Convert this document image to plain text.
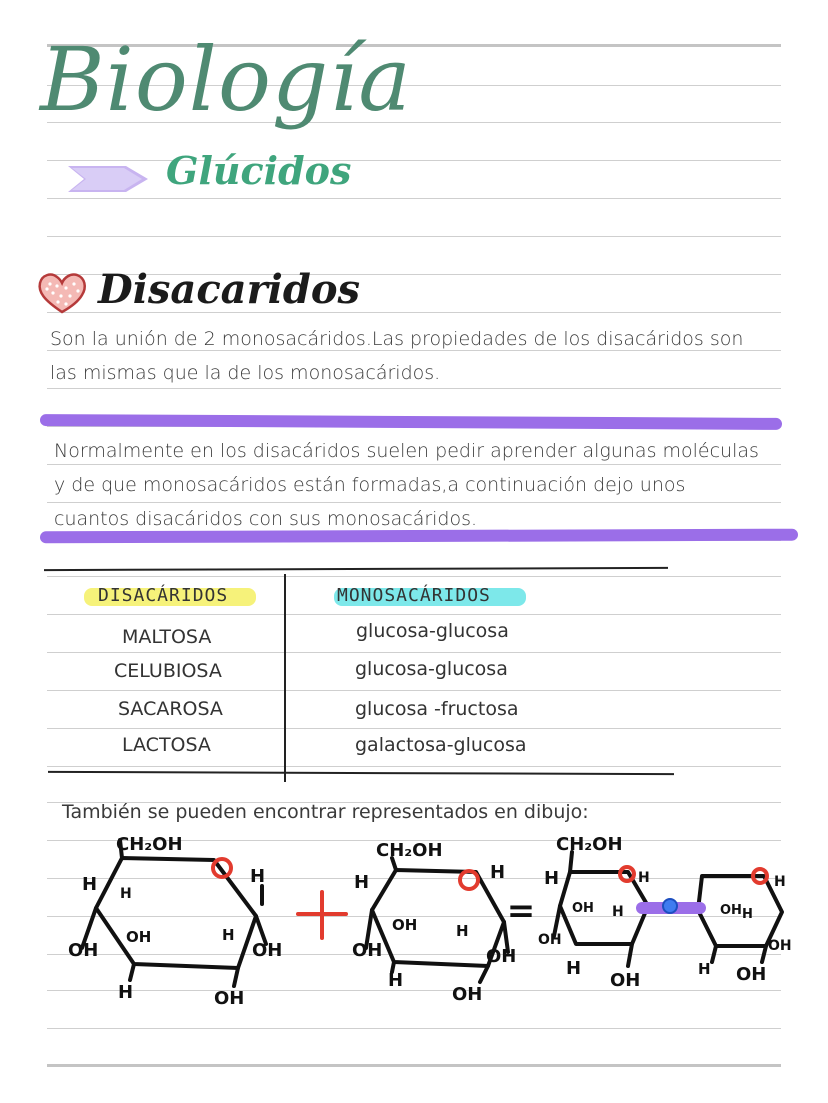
Biología
Glúcidos
Disacaridos

Son la unión de 2 monosacáridos.Las propiedades de los disacáridos son
las mismas que la de los monosacáridos.

Normalmente en los disacáridos suelen pedir aprender algunas moléculas
y de que monosacáridos están formadas,a continuación dejo unos
cuantos disacáridos con sus monosacáridos.

DISACÁRIDOS	MONOSACÁRIDOS
MALTOSA	glucosa-glucosa
CELUBIOSA	glucosa-glucosa
SACAROSA	glucosa -fructosa
LACTOSA	galactosa-glucosa
También se pueden encontrar representados en dibujo:
=
CH₂OH
H H
H
OH	H
OH	OH
H	OH
CH₂OH
H	H
OH	H
OH	OH
H
OH
CH₂OH
H	H
OH H
OH
H
OH
OH H
H
OH
H OH
